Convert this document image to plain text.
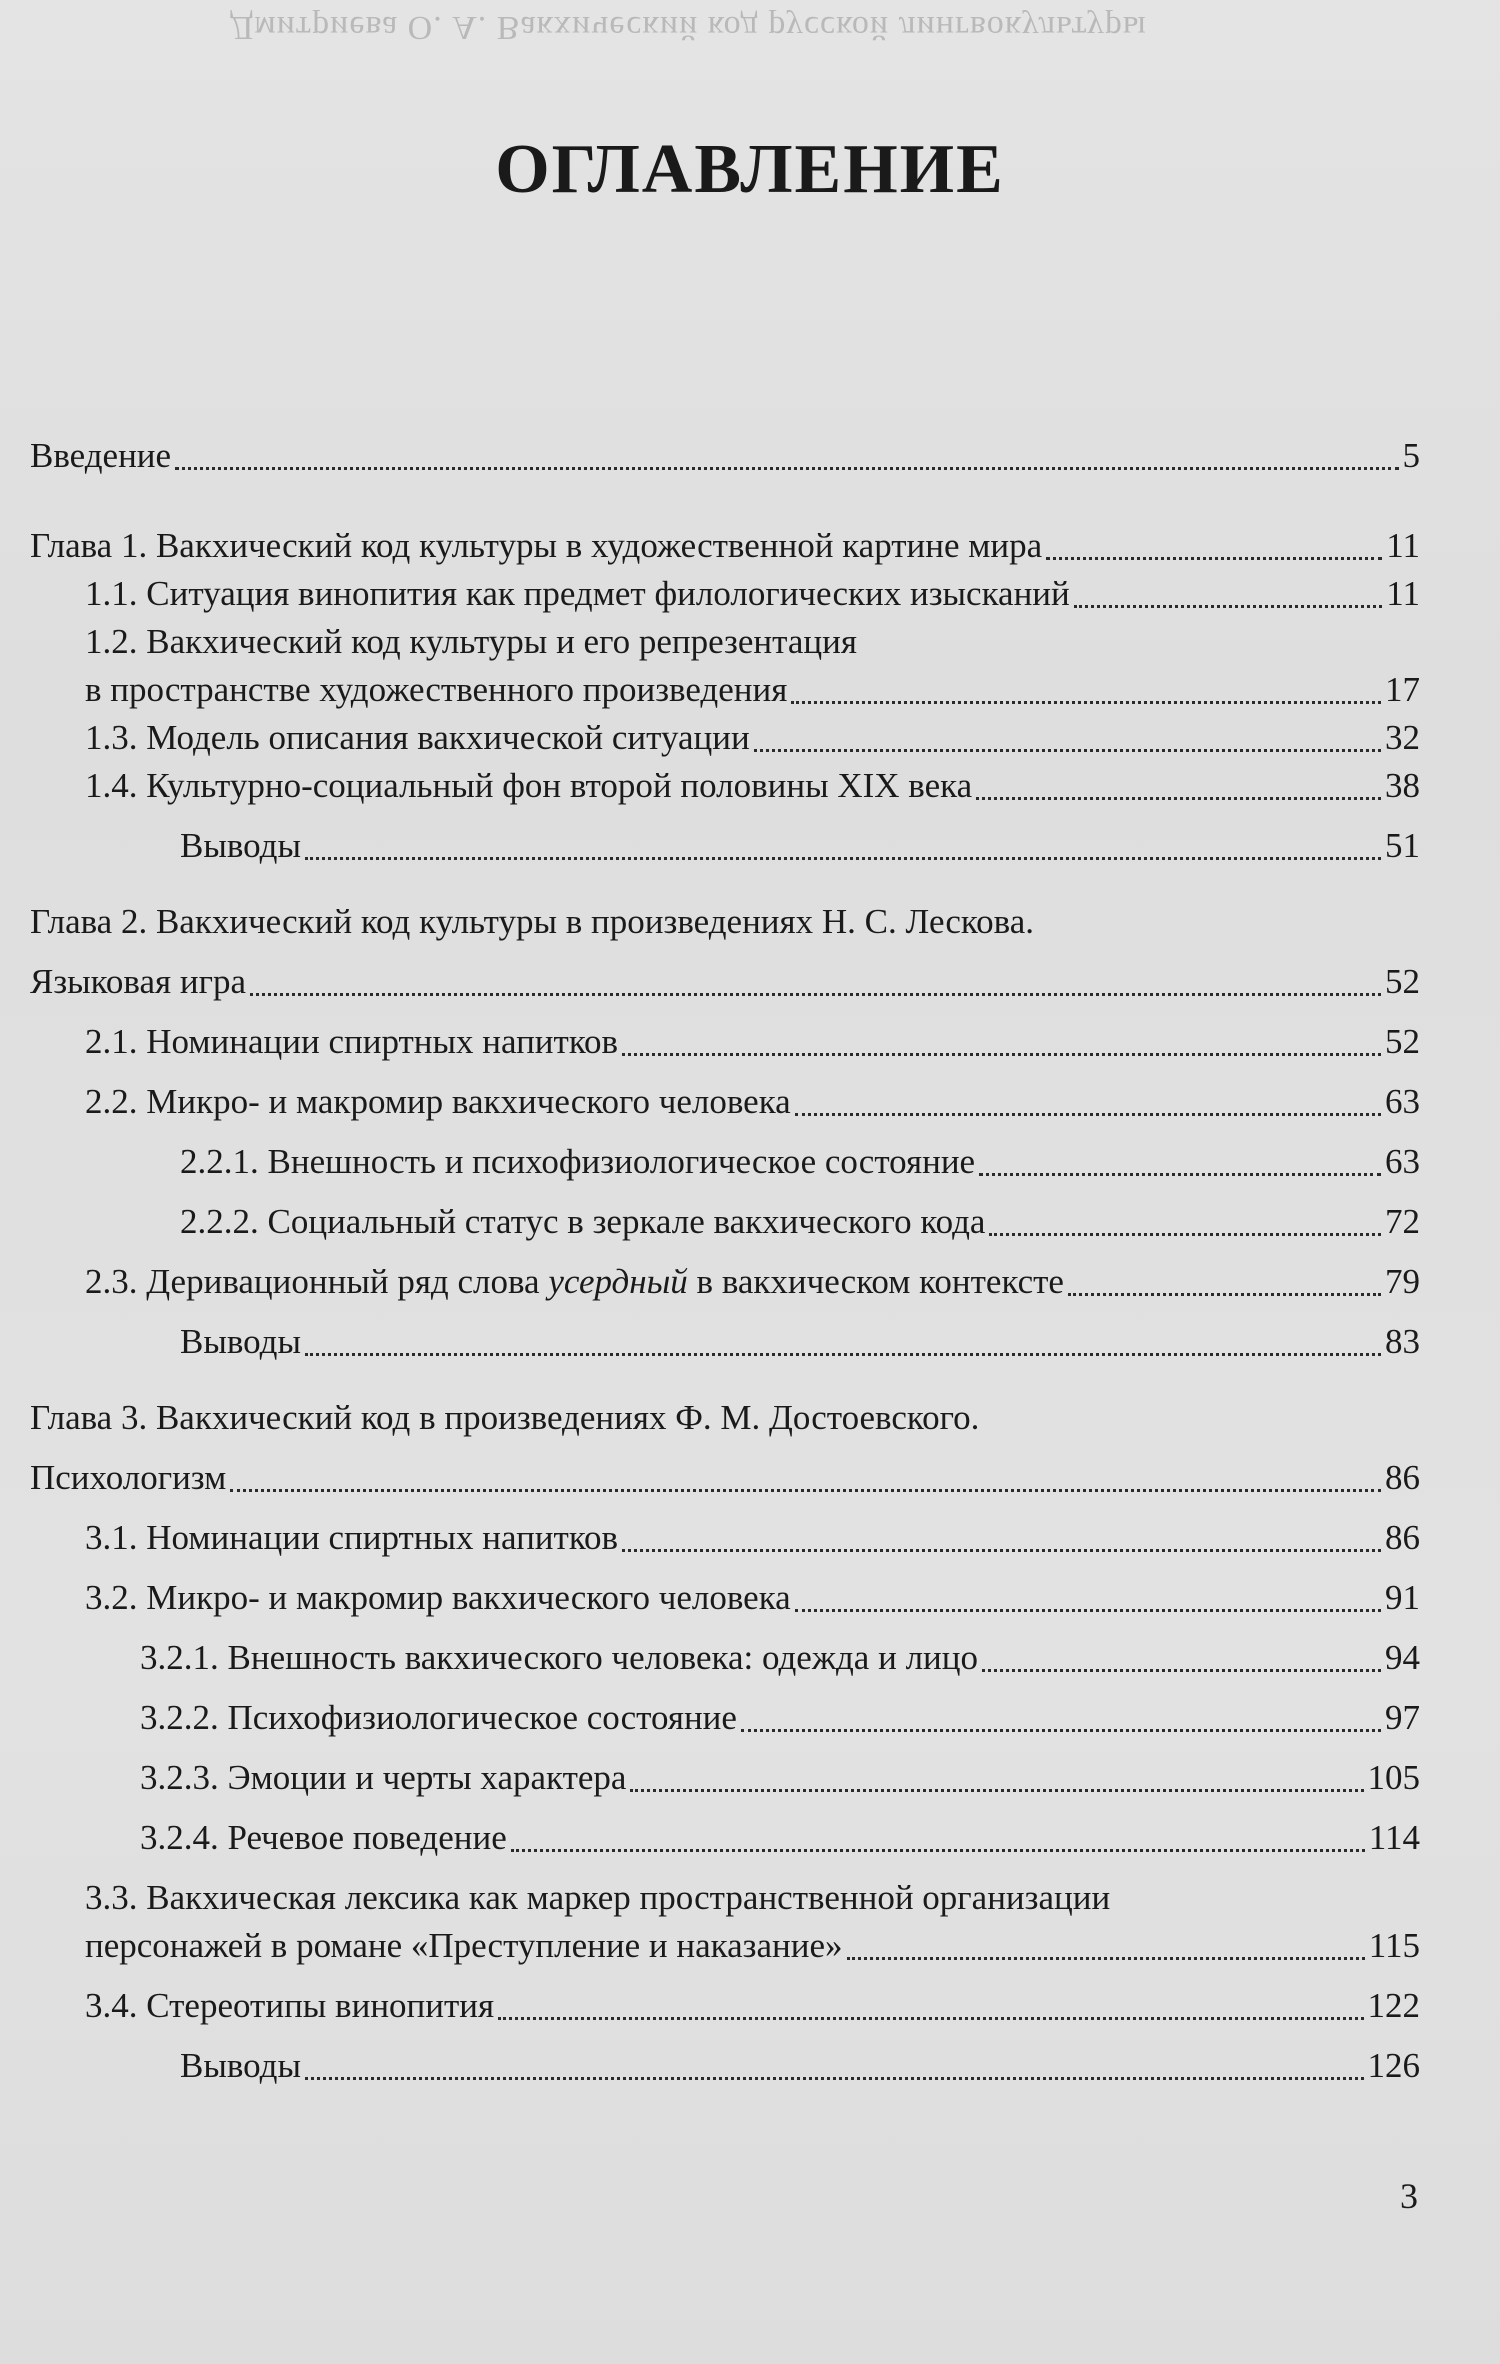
Дмитриева О. А. Вакхический код русской лингвокультуры
ОГЛАВЛЕНИЕ
Введение	5
Глава 1. Вакхический код культуры в художественной картине мира	11
1.1. Ситуация винопития как предмет филологических изысканий	11
1.2. Вакхический код культуры и его репрезентация
в пространстве художественного произведения	17
1.3. Модель описания вакхической ситуации	32
1.4. Культурно-социальный фон второй половины XIX века	38
Выводы	51
Глава 2. Вакхический код культуры в произведениях Н. С. Лескова.
Языковая игра	52
2.1. Номинации спиртных напитков	52
2.2. Микро- и макромир вакхического человека	63
2.2.1. Внешность и психофизиологическое состояние	63
2.2.2. Социальный статус в зеркале вакхического кода	72
2.3. Деривационный ряд слова усердный в вакхическом контексте	79
Выводы	83
Глава 3. Вакхический код в произведениях Ф. М. Достоевского.
Психологизм	86
3.1. Номинации спиртных напитков	86
3.2. Микро- и макромир вакхического человека	91
3.2.1. Внешность вакхического человека: одежда и лицо	94
3.2.2. Психофизиологическое состояние	97
3.2.3. Эмоции и черты характера	105
3.2.4. Речевое поведение	114
3.3. Вакхическая лексика как маркер пространственной организации
персонажей в романе «Преступление и наказание»	115
3.4. Стереотипы винопития	122
Выводы	126
3
